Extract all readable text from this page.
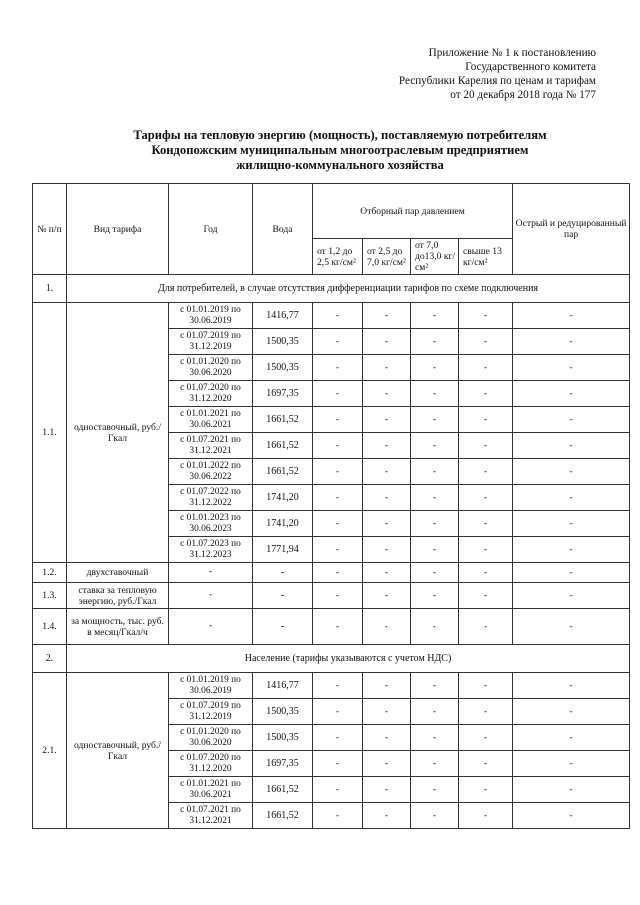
Приложение № 1 к постановлению
Государственного комитета
Республики Карелия по ценам и тарифам
от 20 декабря 2018 года № 177
Тарифы на тепловую энергию (мощность), поставляемую потребителям
Кондопожским муниципальным многоотраслевым предприятием
жилищно-коммунального хозяйства
№ п/п	Вид тарифа	Год	Вода	Отборный пар давлением				Острый и редуцированный пар
				от 1,2 до 2,5 кг/см²	от 2,5 до 7,0 кг/см²	от 7,0 до13,0 кг/см²	свыше 13 кг/см²	
1.	Для потребителей, в случае отсутствия дифференциации тарифов по схеме подключения							
1.1.	одноставочный, руб./Гкал	с 01.01.2019 по 30.06.2019	1416,77	-	-	-	-	-
		с 01.07.2019 по 31.12.2019	1500,35	-	-	-	-	-
		с 01.01.2020 по 30.06.2020	1500,35	-	-	-	-	-
		с 01.07.2020 по 31.12.2020	1697,35	-	-	-	-	-
		с 01.01.2021 по 30.06.2021	1661,52	-	-	-	-	-
		с 01.07.2021 по 31.12.2021	1661,52	-	-	-	-	-
		с 01.01.2022 по 30.06.2022	1661,52	-	-	-	-	-
		с 01.07.2022 по 31.12.2022	1741,20	-	-	-	-	-
		с 01.01.2023 по 30.06.2023	1741,20	-	-	-	-	-
		с 01.07.2023 по 31.12.2023	1771,94	-	-	-	-	-
1.2.	двухставочный	-	-	-	-	-	-	-
1.3.	ставка за тепловую энергию, руб./Гкал	-	-	-	-	-	-	-
1.4.	за мощность, тыс. руб. в месяц/Гкал/ч	-	-	-	-	-	-	-
2.	Население (тарифы указываются с учетом НДС)							
2.1.	одноставочный, руб./Гкал	с 01.01.2019 по 30.06.2019	1416,77	-	-	-	-	-
		с 01.07.2019 по 31.12.2019	1500,35	-	-	-	-	-
		с 01.01.2020 по 30.06.2020	1500,35	-	-	-	-	-
		с 01.07.2020 по 31.12.2020	1697,35	-	-	-	-	-
		с 01.01.2021 по 30.06.2021	1661,52	-	-	-	-	-
		с 01.07.2021 по 31.12.2021	1661,52	-	-	-	-	-
